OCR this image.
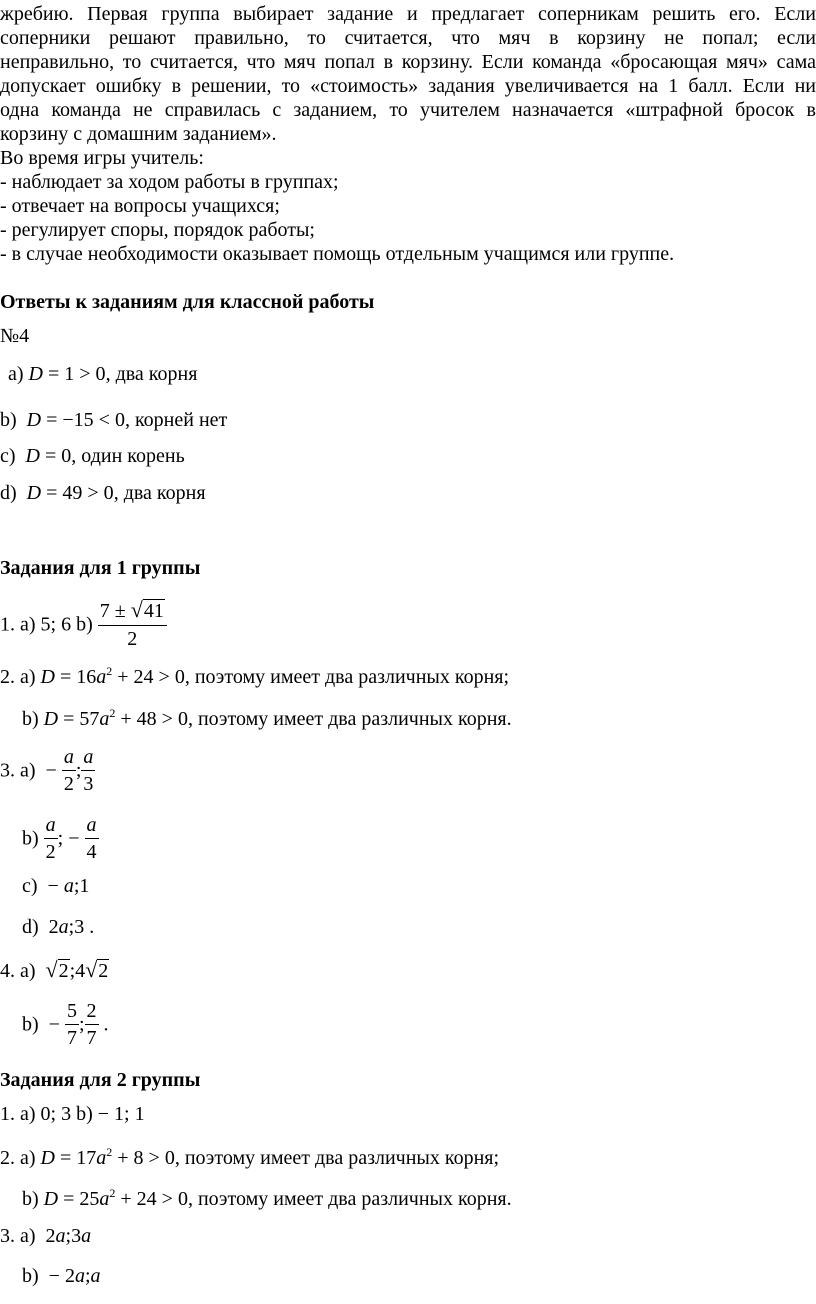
жребию. Первая группа выбирает задание и предлагает соперникам решить его. Если
соперники решают правильно, то считается, что мяч в корзину не попал; если
неправильно, то считается, что мяч попал в корзину. Если команда «бросающая мяч» сама
допускает ошибку в решении, то «стоимость» задания увеличивается на 1 балл. Если ни
одна команда не справилась с заданием, то учителем назначается «штрафной бросок в
корзину с домашним заданием».
Во время игры учитель:
- наблюдает за ходом работы в группах;
- отвечает на вопросы учащихся;
- регулирует споры, порядок работы;
- в случае необходимости оказывает помощь отдельным учащимся или группе.
Ответы к заданиям для классной работы
№4
а) D = 1 > 0, два корня
b) D = −15 < 0, корней нет
c) D = 0, один корень
d) D = 49 > 0, два корня
Задания для 1 группы
1. а) 5; 6 $b) \frac{7 \pm √41}{2}$
2. а) $D = 16a^2 + 24 > 0$, поэтому имеет два различных корня;
b) $D = 57a^2 + 48 > 0$, поэтому имеет два различных корня.
3. $а) - \frac{a}{2}$ ; $\frac{a}{3}$
$b) \frac{a}{2}$ ; − $\frac{a}{4}$
c) − a;1
d) 2a;3 .
4. а) √2;4√2
$b) - \frac{5}{7}$ ; $\frac{2}{7}$ .
Задания для 2 группы
1. а) 0; 3 b) − 1; 1
2. а) $D = 17a^2 + 8 > 0$, поэтому имеет два различных корня;
b) $D = 25a^2 + 24 > 0$, поэтому имеет два различных корня.
3. а) 2a;3a
b) − 2a;a
